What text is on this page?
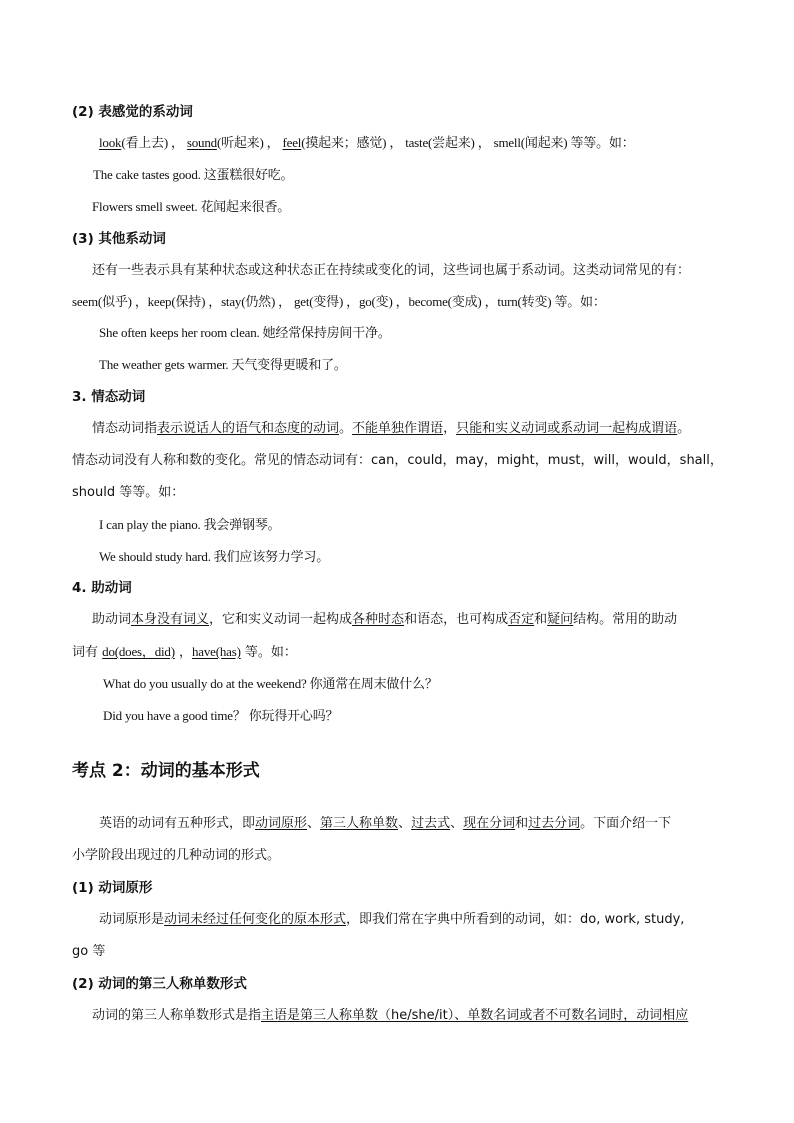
(2) 表感觉的系动词
look(看上去) ， sound(听起来) ， feel(摸起来；感觉) ， taste(尝起来) ， smell(闻起来) 等等。如：
The cake tastes good. 这蛋糕很好吃。
Flowers smell sweet. 花闻起来很香。
(3) 其他系动词
还有一些表示具有某种状态或这种状态正在持续或变化的词，这些词也属于系动词。这类动词常见的有：
seem(似乎) ，keep(保持) ，stay(仍然) ， get(变得) ，go(变) ，become(变成) ，turn(转变) 等。如：
She often keeps her room clean. 她经常保持房间干净。
The weather gets warmer. 天气变得更暖和了。
3. 情态动词
情态动词指表示说话人的语气和态度的动词。不能单独作谓语，只能和实义动词或系动词一起构成谓语。
情态动词没有人称和数的变化。常见的情态动词有：can，could，may，might，must，will，would，shall，
should 等等。如：
I can play the piano. 我会弹钢琴。
We should study hard. 我们应该努力学习。
4. 助动词
助动词本身没有词义，它和实义动词一起构成各种时态和语态，也可构成否定和疑问结构。常用的助动
词有 do(does，did) ，have(has) 等。如：
What do you usually do at the weekend? 你通常在周末做什么？
Did you have a good time？ 你玩得开心吗？
考点 2：动词的基本形式
英语的动词有五种形式，即动词原形、第三人称单数、过去式、现在分词和过去分词。下面介绍一下
小学阶段出现过的几种动词的形式。
(1) 动词原形
动词原形是动词未经过任何变化的原本形式，即我们常在字典中所看到的动词，如：do, work, study,
go 等
(2) 动词的第三人称单数形式
动词的第三人称单数形式是指主语是第三人称单数（he/she/it）、单数名词或者不可数名词时，动词相应
